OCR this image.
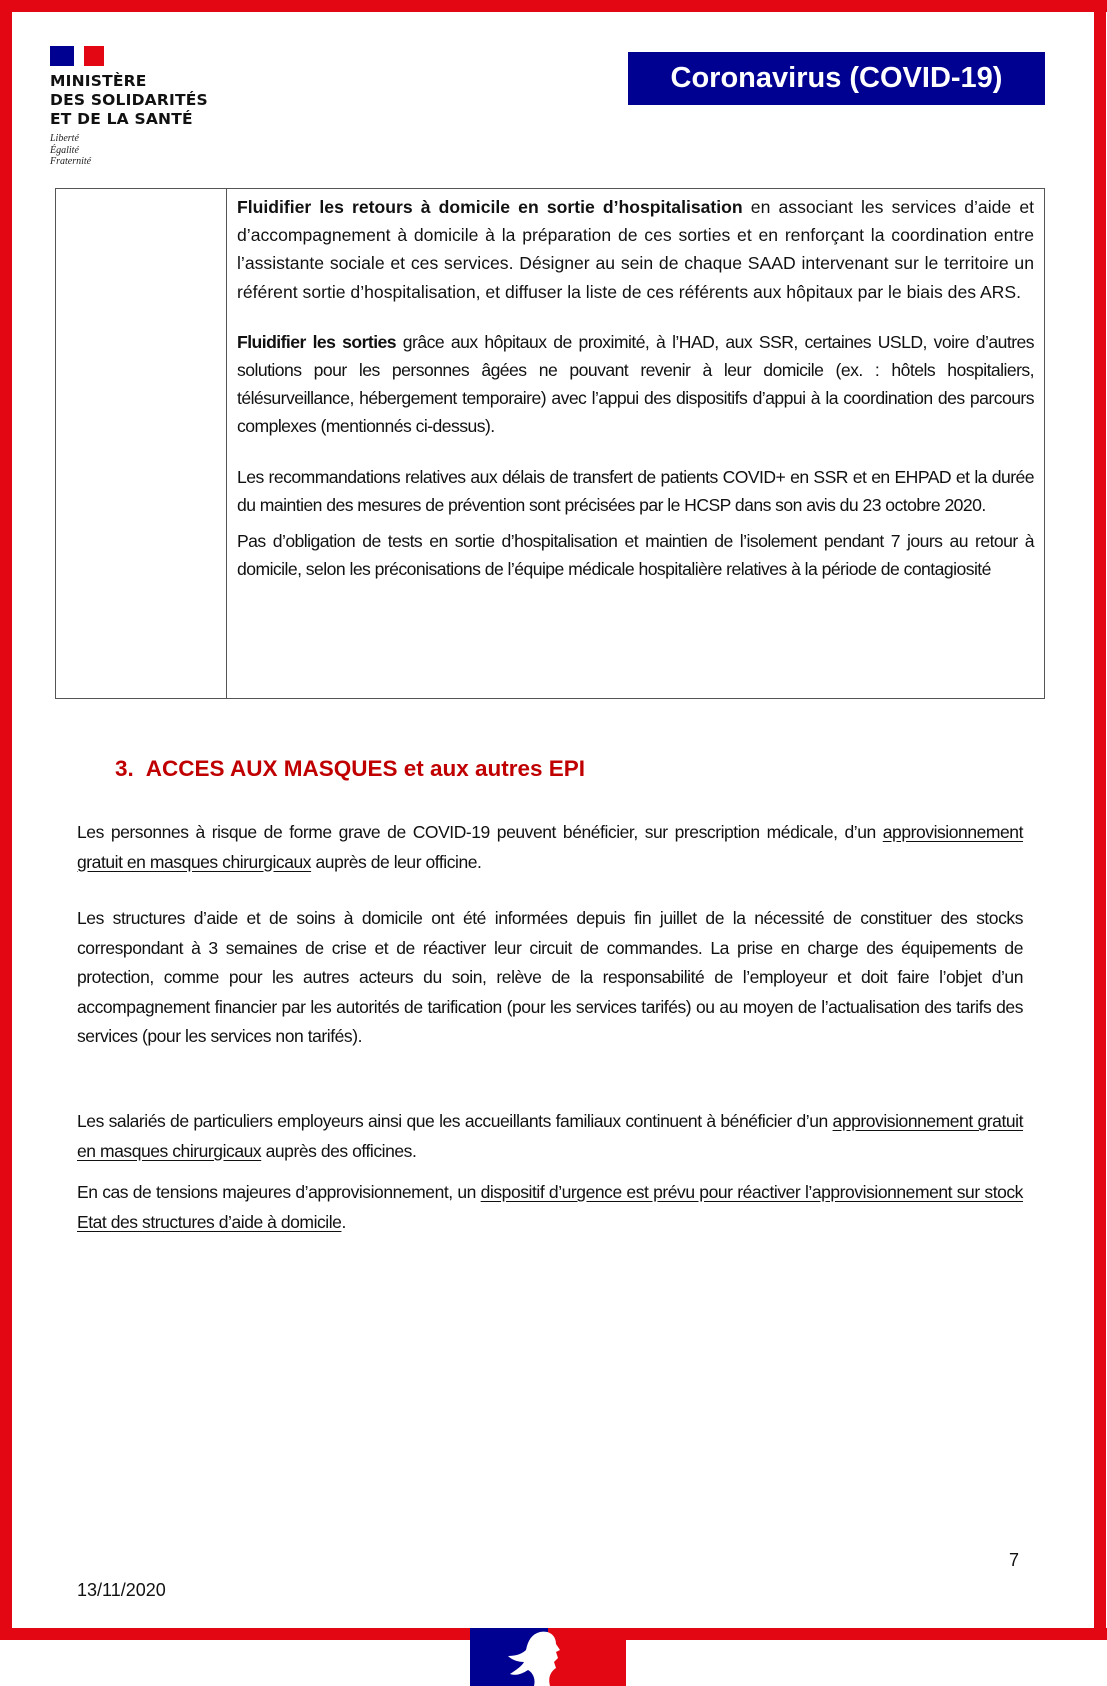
MINISTÈRE
DES SOLIDARITÉS
ET DE LA SANTÉ
Liberté
Égalité
Fraternité
Coronavirus (COVID-19)

Fluidifier les retours à domicile en sortie d’hospitalisation en associant les services d’aide et d’accompagnement à domicile à la préparation de ces sorties et en renforçant la coordination entre l’assistante sociale et ces services. Désigner au sein de chaque SAAD intervenant sur le territoire un référent sortie d’hospitalisation, et diffuser la liste de ces référents aux hôpitaux par le biais des ARS.

Fluidifier les sorties grâce aux hôpitaux de proximité, à l’HAD, aux SSR, certaines USLD, voire d’autres solutions pour les personnes âgées ne pouvant revenir à leur domicile (ex. : hôtels hospitaliers, télésurveillance, hébergement temporaire) avec l’appui des dispositifs d’appui à la coordination des parcours complexes (mentionnés ci-dessus).

Les recommandations relatives aux délais de transfert de patients COVID+ en SSR et en EHPAD et la durée du maintien des mesures de prévention sont précisées par le HCSP dans son avis du 23 octobre 2020.

Pas d’obligation de tests en sortie d’hospitalisation et maintien de l’isolement pendant 7 jours au retour à domicile, selon les préconisations de l’équipe médicale hospitalière relatives à la période de contagiosité

3. ACCES AUX MASQUES et aux autres EPI
Les personnes à risque de forme grave de COVID-19 peuvent bénéficier, sur prescription médicale, d’un approvisionnement gratuit en masques chirurgicaux auprès de leur officine.
Les structures d’aide et de soins à domicile ont été informées depuis fin juillet de la nécessité de constituer des stocks correspondant à 3 semaines de crise et de réactiver leur circuit de commandes. La prise en charge des équipements de protection, comme pour les autres acteurs du soin, relève de la responsabilité de l’employeur et doit faire l’objet d’un accompagnement financier par les autorités de tarification (pour les services tarifés) ou au moyen de l’actualisation des tarifs des services (pour les services non tarifés).
Les salariés de particuliers employeurs ainsi que les accueillants familiaux continuent à bénéficier d’un approvisionnement gratuit en masques chirurgicaux auprès des officines.
En cas de tensions majeures d’approvisionnement, un dispositif d’urgence est prévu pour réactiver l’approvisionnement sur stock Etat des structures d’aide à domicile.
7
13/11/2020
